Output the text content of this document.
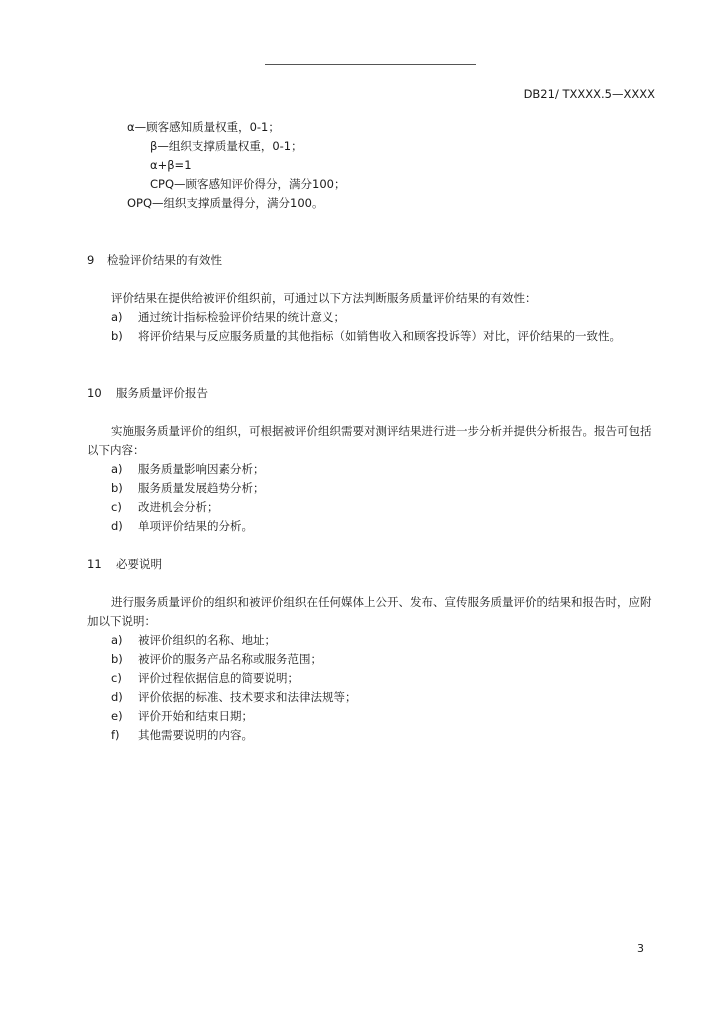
DB21/ TXXXX.5—XXXX
α—顾客感知质量权重，0-1；
β—组织支撑质量权重，0-1；
α+β=1
CPQ—顾客感知评价得分，满分100；
OPQ—组织支撑质量得分，满分100。
9 检验评价结果的有效性
评价结果在提供给被评价组织前，可通过以下方法判断服务质量评价结果的有效性：
a) 通过统计指标检验评价结果的统计意义；
b) 将评价结果与反应服务质量的其他指标（如销售收入和顾客投诉等）对比，评价结果的一致性。
10 服务质量评价报告
实施服务质量评价的组织，可根据被评价组织需要对测评结果进行进一步分析并提供分析报告。报告可包括以下内容：
a) 服务质量影响因素分析；
b) 服务质量发展趋势分析；
c) 改进机会分析；
d) 单项评价结果的分析。
11 必要说明
进行服务质量评价的组织和被评价组织在任何媒体上公开、发布、宣传服务质量评价的结果和报告时，应附加以下说明：
a) 被评价组织的名称、地址；
b) 被评价的服务产品名称或服务范围；
c) 评价过程依据信息的简要说明；
d) 评价依据的标准、技术要求和法律法规等；
e) 评价开始和结束日期；
f) 其他需要说明的内容。
3
